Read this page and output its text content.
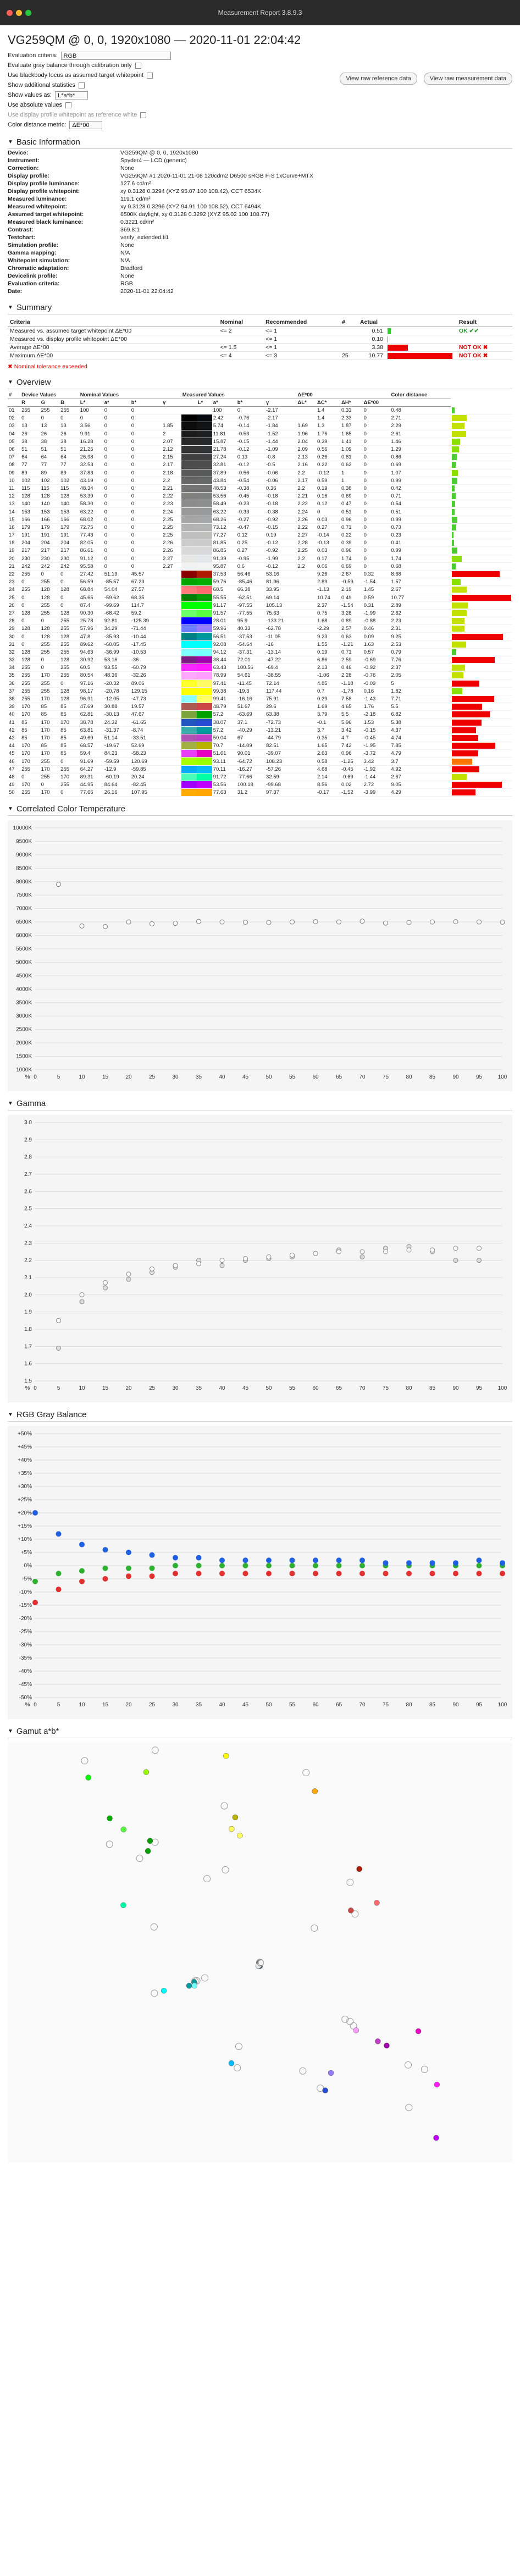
Measurement Report 3.8.9.3
VG259QM @ 0, 0, 1920x1080 — 2020-11-01 22:04:42
View raw reference data	View raw measurement data
Evaluation criteria:	RGB
Evaluate gray balance through calibration only
Use blackbody locus as assumed target whitepoint
Show additional statistics
Show values as:	L*a*b*
Use absolute values
Use display profile whitepoint as reference white
Color distance metric:	ΔE*00
▼ Basic Information
Device:	VG259QM @ 0, 0, 1920x1080
Instrument:	Spyder4 — LCD (generic)
Correction:	None
Display profile:	VG259QM #1 2020-11-01 21-08 120cdm2 D6500 sRGB F-S 1xCurve+MTX
Display profile luminance:	127.6 cd/m²
Display profile whitepoint:	xy 0.3128 0.3294 (XYZ 95.07 100 108.42), CCT 6534K
Measured luminance:	119.1 cd/m²
Measured whitepoint:	xy 0.3128 0.3296 (XYZ 94.91 100 108.52), CCT 6494K
Assumed target whitepoint:	6500K daylight, xy 0.3128 0.3292 (XYZ 95.02 100 108.77)
Measured black luminance:	0.3221 cd/m²
Contrast:	369.8:1
Testchart:	verify_extended.ti1
Simulation profile:	None
Gamma mapping:	N/A
Whitepoint simulation:	N/A
Chromatic adaptation:	Bradford
Devicelink profile:	None
Evaluation criteria:	RGB
Date:	2020-11-01 22:04:42
▼ Summary
Criteria	Nominal	Recommended	#	Actual		Result
Measured vs. assumed target whitepoint ΔE*00	<= 2	<= 1		0.51		OK ✔✔
Measured vs. display profile whitepoint ΔE*00		<= 1		0.10	

Average ΔE*00	<= 1.5	<= 1		3.38		NOT OK ✖
Maximum ΔE*00	<= 4	<= 3	25	10.77		NOT OK ✖
✖ Nominal tolerance exceeded
▼ Overview
#	Device Values			Nominal Values				Measured Values					ΔE*00				Color distance	
	R	G	B	L*	a*	b*	γ		L*	a*	b*	γ	ΔL*	ΔC*	ΔH*	ΔE*00		
01	255	255	255	100	0	0				100	0	-2.17		1.4	0.33	0	0.48	

02	0	0	0	0	0	0				2.42	-0.76	-2.17		1.4	2.33	0	2.71	

03	13	13	13	3.56	0	0	1.85			5.74	-0.14	-1.84	1.69	1.3	1.87	0	2.29	

04	26	26	26	9.91	0	0	2			11.81	-0.53	-1.52	1.96	1.76	1.65	0	2.61	

05	38	38	38	16.28	0	0	2.07			15.87	-0.15	-1.44	2.04	0.39	1.41	0	1.46	

06	51	51	51	21.25	0	0	2.12			21.78	-0.12	-1.09	2.09	0.56	1.09	0	1.29	

07	64	64	64	26.98	0	0	2.15			27.24	0.13	-0.8	2.13	0.26	0.81	0	0.86	

08	77	77	77	32.53	0	0	2.17			32.81	-0.12	-0.5	2.16	0.22	0.62	0	0.69	

09	89	89	89	37.83	0	0	2.18			37.89	-0.56	-0.06	2.2	-0.12	1	0	1.07	

10	102	102	102	43.19	0	0	2.2			43.84	-0.54	-0.06	2.17	0.59	1	0	0.99	

11	115	115	115	48.34	0	0	2.21			48.53	-0.38	0.36	2.2	0.19	0.38	0	0.42	

12	128	128	128	53.39	0	0	2.22			53.56	-0.45	-0.18	2.21	0.16	0.69	0	0.71	

13	140	140	140	58.30	0	0	2.23			58.49	-0.23	-0.18	2.22	0.12	0.47	0	0.54	

14	153	153	153	63.22	0	0	2.24			63.22	-0.33	-0.38	2.24	0	0.51	0	0.51	

15	166	166	166	68.02	0	0	2.25			68.26	-0.27	-0.92	2.26	0.03	0.96	0	0.99	

16	179	179	179	72.75	0	0	2.25			73.12	-0.47	-0.15	2.22	0.27	0.71	0	0.73	

17	191	191	191	77.43	0	0	2.25			77.27	0.12	0.19	2.27	-0.14	0.22	0	0.23	

18	204	204	204	82.05	0	0	2.26			81.85	0.25	-0.12	2.28	-0.13	0.39	0	0.41	

19	217	217	217	86.61	0	0	2.26			86.85	0.27	-0.92	2.25	0.03	0.96	0	0.99	

20	230	230	230	91.12	0	0	2.27			91.39	-0.95	-1.99	2.2	0.17	1.74	0	1.74	

21	242	242	242	95.58	0	0	2.27			95.87	0.6	-0.12	2.2	0.06	0.69	0	0.68	

22	255	0	0	27.42	51.19	45.57				37.53	56.46	53.16		9.26	2.67	0.32	8.68	

23	0	255	0	56.59	-85.57	67.23				59.76	-85.46	81.96		2.89	-0.59	-1.54	1.57	

24	255	128	128	68.84	54.04	27.57				68.5	66.38	33.95		-1.13	2.19	1.45	2.67	

25	0	128	0	45.65	-59.62	68.35				55.55	-62.51	69.14		10.74	0.49	0.59	10.77	

26	0	255	0	87.4	-99.69	114.7				91.17	-97.55	105.13		2.37	-1.54	0.31	2.89	

27	128	255	128	90.30	-68.42	59.2				91.57	-77.55	75.63		0.75	3.28	-1.99	2.62	

28	0	0	255	25.78	92.81	-125.39				28.01	95.9	-133.21		1.68	0.89	-0.88	2.23	

29	128	128	255	57.96	34.29	-71.44				59.96	40.33	-62.78		-2.29	2.57	0.46	2.31	

30	0	128	128	47.8	-35.93	-10.44				56.51	-37.53	-11.05		9.23	0.63	0.09	9.25	

31	0	255	255	89.62	-60.05	-17.45				92.08	-54.64	-16		1.55	-1.21	1.63	2.53	

32	128	255	255	94.63	-36.99	-10.53				94.12	-37.31	-13.14		0.19	0.71	0.57	0.79	

33	128	0	128	30.92	53.16	-36				38.44	72.01	-47.22		6.86	2.59	-0.69	7.76	

34	255	0	255	60.5	93.55	-60.79				63.43	100.56	-69.4		2.13	0.46	-0.92	2.37	

35	255	170	255	80.54	48.36	-32.26				78.99	54.61	-38.55		-1.06	2.28	-0.76	2.05	

36	255	255	0	97.16	-20.32	89.06				97.41	-11.45	72.14		4.85	-1.18	-0.09	5	

37	255	255	128	98.17	-20.78	129.15				99.38	-19.3	117.44		0.7	-1.78	0.16	1.82	

38	255	170	128	96.91	-12.05	-47.73				99.41	-16.16	75.91		0.29	7.58	-1.43	7.71	

39	170	85	85	47.69	30.88	19.57				48.79	51.67	29.6		1.69	4.65	1.76	5.5	

40	170	85	85	62.81	-30.13	47.67				57.2	-63.69	63.38		3.79	5.5	-2.18	6.82	

41	85	170	170	38.78	24.32	-61.65				38.07	37.1	-72.73		-0.1	5.96	1.53	5.38	

42	85	170	85	63.81	-31.37	-8.74				57.2	-40.29	-13.21		3.7	3.42	-0.15	4.37	

43	85	170	85	49.69	51.14	-33.51				50.04	67	-44.79		0.35	4.7	-0.45	4.74	

44	170	85	85	68.57	-19.67	52.69				70.7	-14.09	82.51		1.65	7.42	-1.95	7.85	

45	170	170	85	59.4	84.23	-58.23				51.61	90.01	-39.07		2.63	0.96	-3.72	4.79	

46	170	255	0	91.69	-59.59	120.69				93.11	-64.72	108.23		0.58	-1.25	3.42	3.7	

47	255	170	255	64.27	-12.9	-59.85				70.11	-16.27	-57.26		4.68	-0.45	-1.92	4.92	

48	0	255	170	89.31	-60.19	20.24				91.72	-77.66	32.59		2.14	-0.69	-1.44	2.67	

49	170	0	255	44.95	84.64	-82.45				53.56	100.18	-99.68		8.56	0.02	2.72	9.05	

50	255	170	0	77.66	26.16	107.95				77.63	31.2	97.37		-0.17	-1.52	-3.99	4.29	
▼ Correlated Color Temperature
1000K
1500K
2000K
2500K
3000K
3500K
4000K
4500K
5000K
5500K
6000K
6500K
7000K
7500K
8000K
8500K
9000K
9500K
10000K
% 0	5	10	15	20	25	30	35	40	45	50	55	60	65	70	75	80	85	90	95	100
▼ Gamma
1.5
1.6
1.7
1.8
1.9
2.0
2.1
2.2
2.3
2.4
2.5
2.6
2.7
2.8
2.9
3.0
% 0	5	10	15	20	25	30	35	40	45	50	55	60	65	70	75	80	85	90	95	100
▼ RGB Gray Balance
-50%
-45%
-40%
-35%
-30%
-25%
-20%
-15%
-10%
-5%
0%
+5%
+10%
+15%
+20%
+25%
+30%
+35%
+40%
+45%
+50%
% 0	5	10	15	20	25	30	35	40	45	50	55	60	65	70	75	80	85	90	95	100
▼ Gamut a*b*
